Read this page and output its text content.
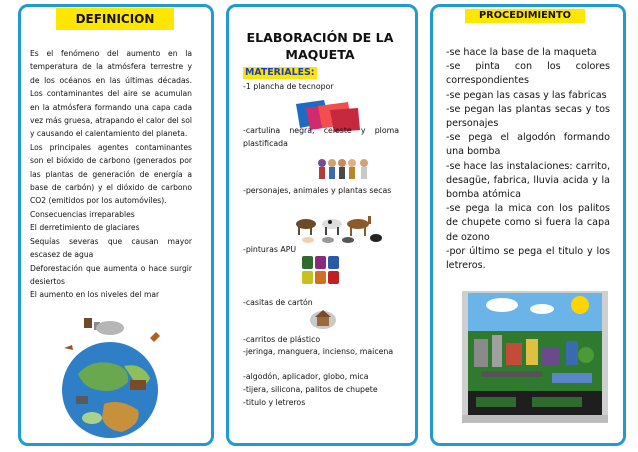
DEFINICION
Es el fenómeno del aumento en la temperatura de la atmósfera terrestre y de los océanos en las últimas décadas. Los contaminantes del aire se acumulan en la atmósfera formando una capa cada vez más gruesa, atrapando el calor del sol y causando el calentamiento del planeta.
Los principales agentes contaminantes son el bióxido de carbono (generados por las plantas de generación de energía a base de carbón) y el dióxido de carbono CO2 (emitidos por los automóviles).
Consecuencias irreparables
El derretimiento de glaciares
Sequías severas que causan mayor escasez de agua
Deforestación que aumenta o hace surgir desiertos
El aumento en los niveles del mar
ELABORACIÓN DE LA MAQUETA
MATERIALES:
-1 plancha de tecnopor
-cartulina negra, celeste y ploma plastificada
-personajes, animales y plantas secas
-pinturas APU
-casitas de cartón
-carritos de plástico
-jeringa, manguera, incienso, maicena
-algodón, aplicador, globo, mica
-tijera, silicona, palitos de chupete
-titulo y letreros
PROCEDIMIENTO
-se hace la base de la maqueta
-se pinta con los colores correspondientes
-se pegan las casas y las fabricas
-se pegan las plantas secas y tos personajes
-se pega el algodón formando una bomba
-se hace las instalaciones: carrito, desagüe, fabrica, lluvia acida y la bomba atómica
-se pega la mica con los palitos de chupete como si fuera la capa de ozono
-por último se pega el titulo y los letreros.
